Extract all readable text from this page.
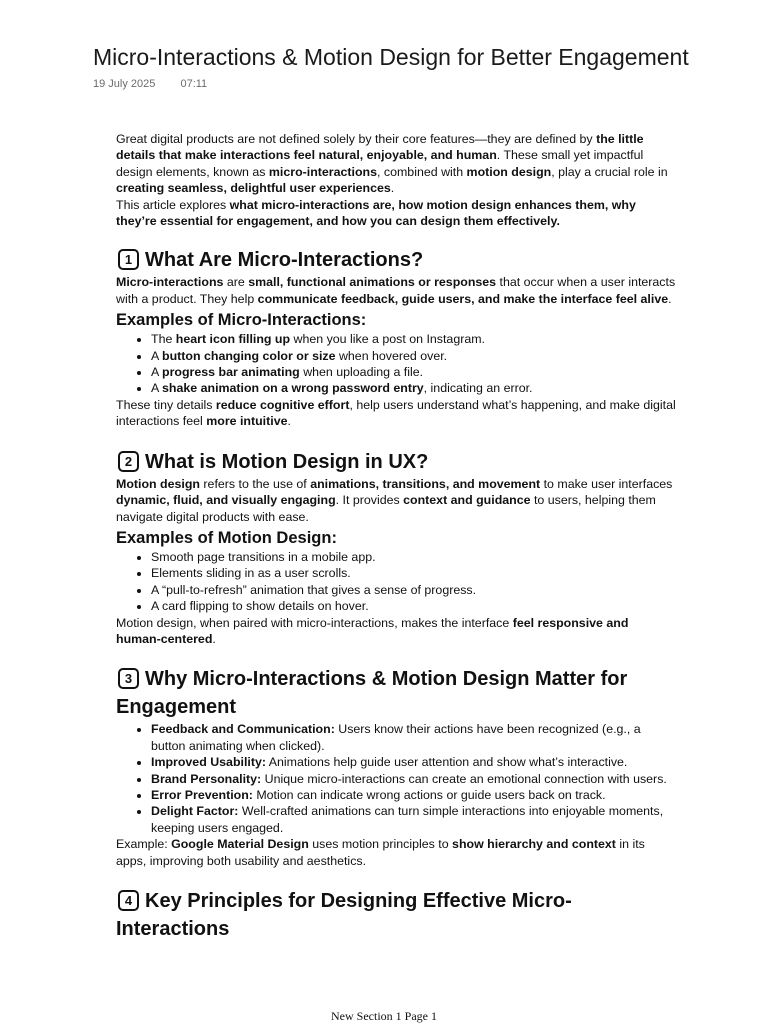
Micro-Interactions & Motion Design for Better Engagement
19 July 2025 07:11

Great digital products are not defined solely by their core features—they are defined by the little details that make interactions feel natural, enjoyable, and human. These small yet impactful design elements, known as micro-interactions, combined with motion design, play a crucial role in creating seamless, delightful user experiences.

This article explores what micro-interactions are, how motion design enhances them, why they’re essential for engagement, and how you can design them effectively.

1 What Are Micro-Interactions?

Micro-interactions are small, functional animations or responses that occur when a user interacts with a product. They help communicate feedback, guide users, and make the interface feel alive.

Examples of Micro-Interactions:
• The heart icon filling up when you like a post on Instagram.
• A button changing color or size when hovered over.
• A progress bar animating when uploading a file.
• A shake animation on a wrong password entry, indicating an error.

These tiny details reduce cognitive effort, help users understand what’s happening, and make digital interactions feel more intuitive.

2 What is Motion Design in UX?

Motion design refers to the use of animations, transitions, and movement to make user interfaces dynamic, fluid, and visually engaging. It provides context and guidance to users, helping them navigate digital products with ease.

Examples of Motion Design:
• Smooth page transitions in a mobile app.
• Elements sliding in as a user scrolls.
• A “pull-to-refresh” animation that gives a sense of progress.
• A card flipping to show details on hover.

Motion design, when paired with micro-interactions, makes the interface feel responsive and human-centered.

3 Why Micro-Interactions & Motion Design Matter for Engagement
• Feedback and Communication: Users know their actions have been recognized (e.g., a button animating when clicked).
• Improved Usability: Animations help guide user attention and show what’s interactive.
• Brand Personality: Unique micro-interactions can create an emotional connection with users.
• Error Prevention: Motion can indicate wrong actions or guide users back on track.
• Delight Factor: Well-crafted animations can turn simple interactions into enjoyable moments, keeping users engaged.

Example: Google Material Design uses motion principles to show hierarchy and context in its apps, improving both usability and aesthetics.

4 Key Principles for Designing Effective Micro-Interactions
New Section 1 Page 1
